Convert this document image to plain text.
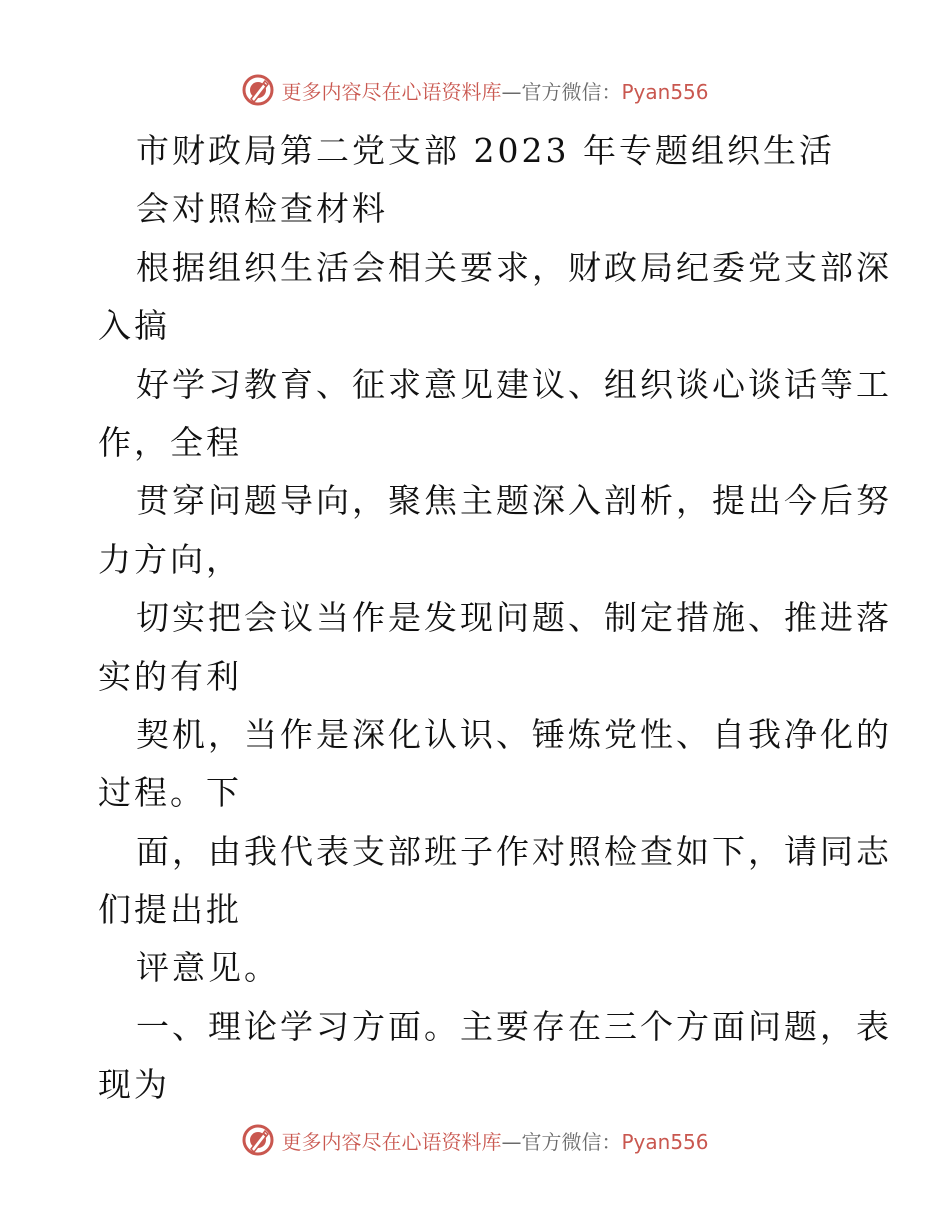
更多内容尽在心语资料库—官方微信：Pyan556
市财政局第二党支部 2023 年专题组织生活
会对照检查材料
根据组织生活会相关要求，财政局纪委党支部深
入搞
好学习教育、征求意见建议、组织谈心谈话等工
作，全程
贯穿问题导向，聚焦主题深入剖析，提出今后努
力方向，
切实把会议当作是发现问题、制定措施、推进落
实的有利
契机，当作是深化认识、锤炼党性、自我净化的
过程。下
面，由我代表支部班子作对照检查如下，请同志
们提出批
评意见。
一、理论学习方面。主要存在三个方面问题，表
现为
更多内容尽在心语资料库—官方微信：Pyan556
